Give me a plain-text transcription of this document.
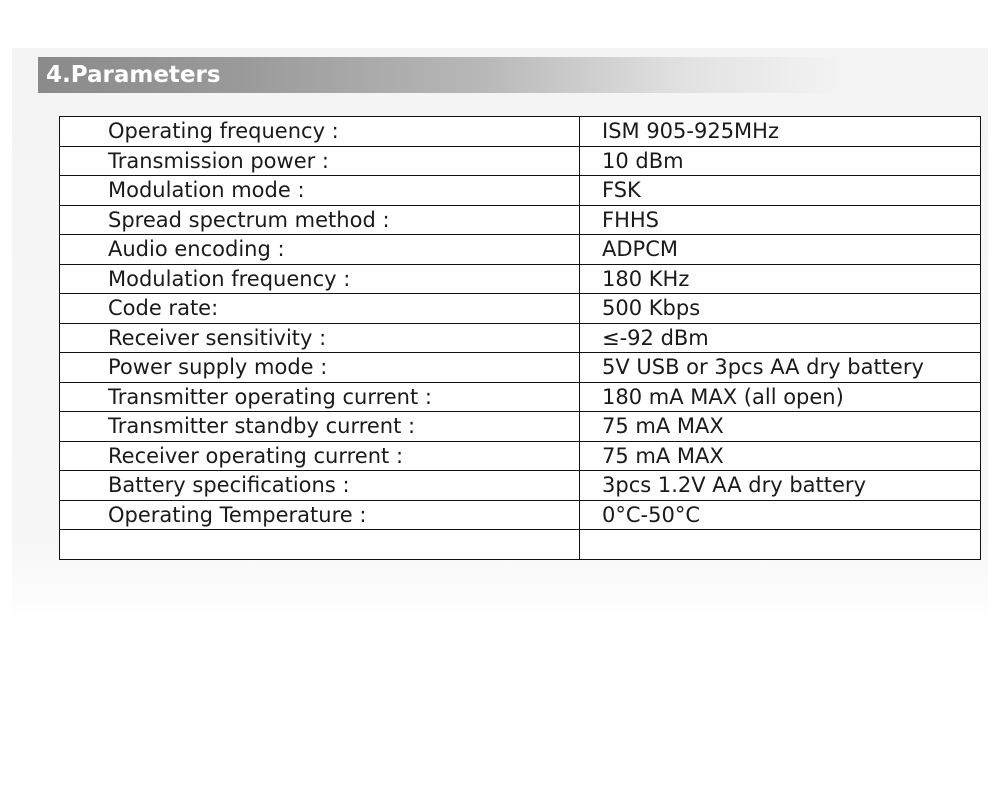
4.Parameters
Operating frequency :	ISM 905-925MHz
Transmission power :	10 dBm
Modulation mode :	FSK
Spread spectrum method :	FHHS
Audio encoding :	ADPCM
Modulation frequency :	180 KHz
Code rate:	500 Kbps
Receiver sensitivity :	≤-92 dBm
Power supply mode :	5V USB or 3pcs AA dry battery
Transmitter operating current :	180 mA MAX (all open)
Transmitter standby current :	75 mA MAX
Receiver operating current :	75 mA MAX
Battery specifications :	3pcs 1.2V AA dry battery
Operating Temperature :	0°C-50°C
